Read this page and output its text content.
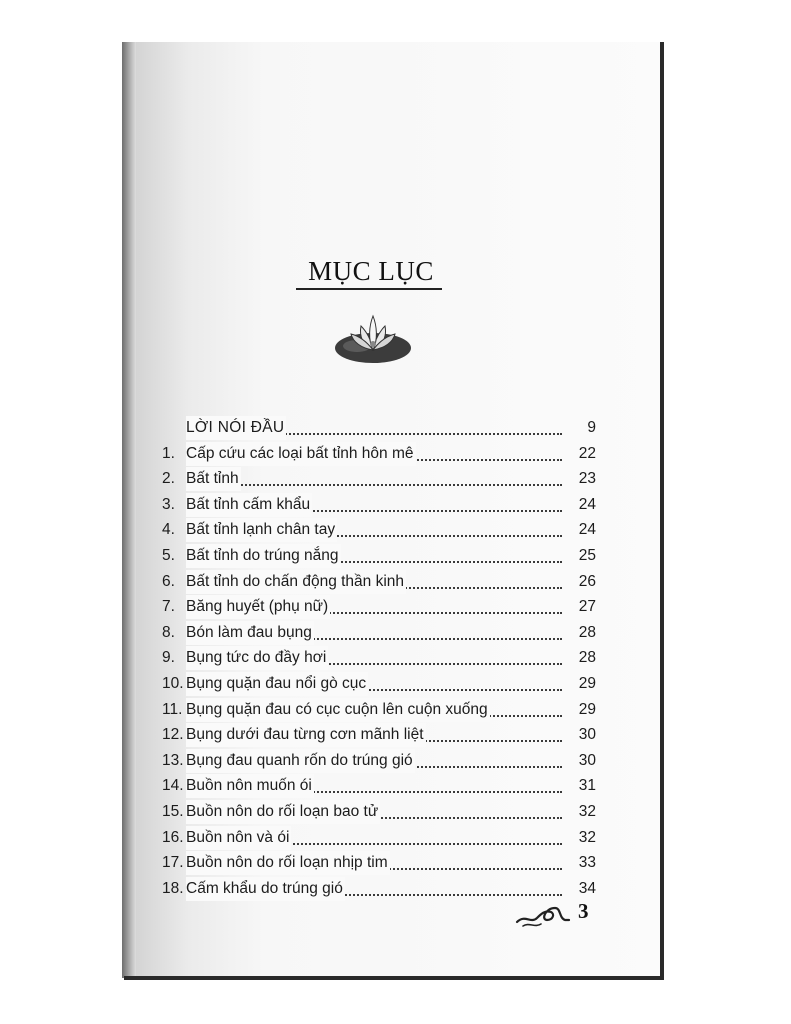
MỤC LỤC
LỜI NÓI ĐẦU	9
1. Cấp cứu các loại bất tỉnh hôn mê	22
2. Bất tỉnh	23
3. Bất tỉnh cấm khẩu	24
4. Bất tỉnh lạnh chân tay	24
5. Bất tỉnh do trúng nắng	25
6. Bất tỉnh do chấn động thần kinh	26
7. Băng huyết (phụ nữ)	27
8. Bón làm đau bụng	28
9. Bụng tức do đầy hơi	28
10. Bụng quặn đau nổi gò cục	29
11. Bụng quặn đau có cục cuộn lên cuộn xuống	29
12. Bụng dưới đau từng cơn mãnh liệt	30
13. Bụng đau quanh rốn do trúng gió	30
14. Buồn nôn muốn ói	31
15. Buồn nôn do rối loạn bao tử	32
16. Buồn nôn và ói	32
17. Buồn nôn do rối loạn nhịp tim	33
18. Cấm khẩu do trúng gió	34
3
